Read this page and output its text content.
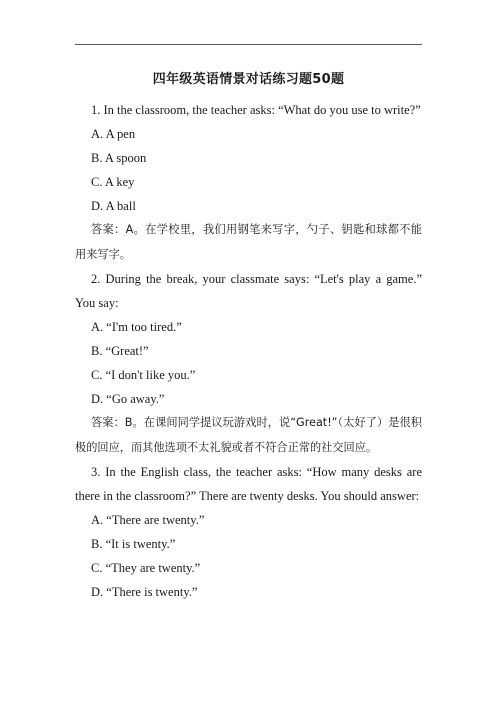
四年级英语情景对话练习题50题

1. In the classroom, the teacher asks: “What do you use to write?”

A. A pen

B. A spoon

C. A key

D. A ball

答案：A。在学校里，我们用钢笔来写字，勺子、钥匙和球都不能用来写字。

2. During the break, your classmate says: “Let's play a game.” You say:

A. “I'm too tired.”

B. “Great!”

C. “I don't like you.”

D. “Go away.”

答案：B。在课间同学提议玩游戏时，说“Great!”（太好了）是很积极的回应，而其他选项不太礼貌或者不符合正常的社交回应。

3. In the English class, the teacher asks: “How many desks are there in the classroom?” There are twenty desks. You should answer:

A. “There are twenty.”

B. “It is twenty.”

C. “They are twenty.”

D. “There is twenty.”
